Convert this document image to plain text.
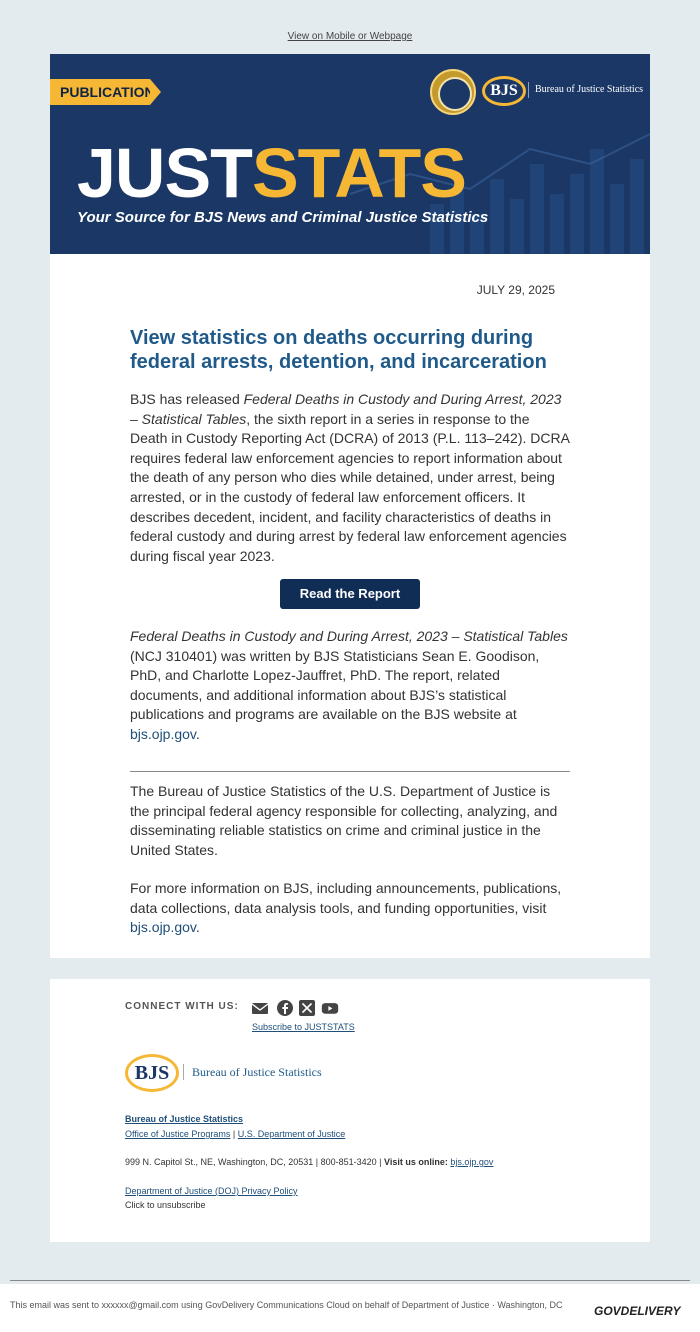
View on Mobile or Webpage
PUBLICATION	BJS	Bureau of Justice Statistics
JUSTSTATS
Your Source for BJS News and Criminal Justice Statistics
JULY 29, 2025
View statistics on deaths occurring during federal arrests, detention, and incarceration
BJS has released Federal Deaths in Custody and During Arrest, 2023 – Statistical Tables, the sixth report in a series in response to the Death in Custody Reporting Act (DCRA) of 2013 (P.L. 113–242). DCRA requires federal law enforcement agencies to report information about the death of any person who dies while detained, under arrest, being arrested, or in the custody of federal law enforcement officers. It describes decedent, incident, and facility characteristics of deaths in federal custody and during arrest by federal law enforcement agencies during fiscal year 2023.
Read the Report
Federal Deaths in Custody and During Arrest, 2023 – Statistical Tables (NCJ 310401) was written by BJS Statisticians Sean E. Goodison, PhD, and Charlotte Lopez-Jauffret, PhD. The report, related documents, and additional information about BJS’s statistical publications and programs are available on the BJS website at bjs.ojp.gov.
The Bureau of Justice Statistics of the U.S. Department of Justice is the principal federal agency responsible for collecting, analyzing, and disseminating reliable statistics on crime and criminal justice in the United States.
For more information on BJS, including announcements, publications, data collections, data analysis tools, and funding opportunities, visit bjs.ojp.gov.
CONNECT WITH US:
Subscribe to JUSTSTATS
BJS	Bureau of Justice Statistics
Bureau of Justice Statistics
Office of Justice Programs | U.S. Department of Justice
999 N. Capitol St., NE, Washington, DC, 20531 | 800-851-3420 | Visit us online: bjs.ojp.gov
Department of Justice (DOJ) Privacy Policy
Click to unsubscribe
This email was sent to xxxxxx@gmail.com using GovDelivery Communications Cloud on behalf of Department of Justice · Washington, DC	GOVDELIVERY
